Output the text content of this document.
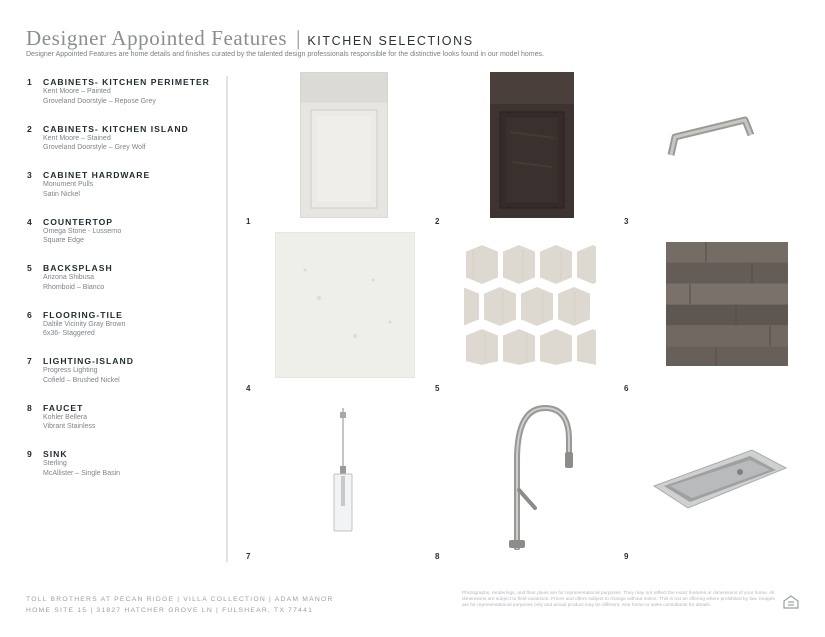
Designer Appointed Features | KITCHEN SELECTIONS
Designer Appointed Features are home details and finishes curated by the talented design professionals responsible for the distinctive looks found in our model homes.
1	CABINETS- KITCHEN PERIMETER
Kent Moore – Painted
Groveland Doorstyle – Repose Grey
2	CABINETS- KITCHEN ISLAND
Kent Moore – Stained
Groveland Doorstyle – Grey Wolf
3	CABINET HARDWARE
Monument Pulls
Satin Nickel
4	COUNTERTOP
Omega Stone - Lusserno
Square Edge
5	BACKSPLASH
Arizona Shibusa
Rhomboid – Bianco
6	FLOORING-TILE
Daltile Vicinity Gray Brown
6x36- Staggered
7	LIGHTING-ISLAND
Progress Lighting
Cofield – Brushed Nickel
8	FAUCET
Kohler Bellera
Vibrant Stainless
9	SINK
Sterling
McAllister – Single Basin
1	2	3
4	5	6
7	8	9
TOLL BROTHERS AT PECAN RIDGE | VILLA COLLECTION | ADAM MANOR
HOME SITE 15 | 31827 HATCHER GROVE LN | FULSHEAR, TX 77441
Photographs, renderings, and floor plans are for representational purposes. They may not reflect the exact features or dimensions of your home. All dimensions are subject to field variations. Prices and offers subject to change without notice. This is not an offering where prohibited by law. Images are for representational purposes only and actual product may be different. See home or sales consultants for details.
